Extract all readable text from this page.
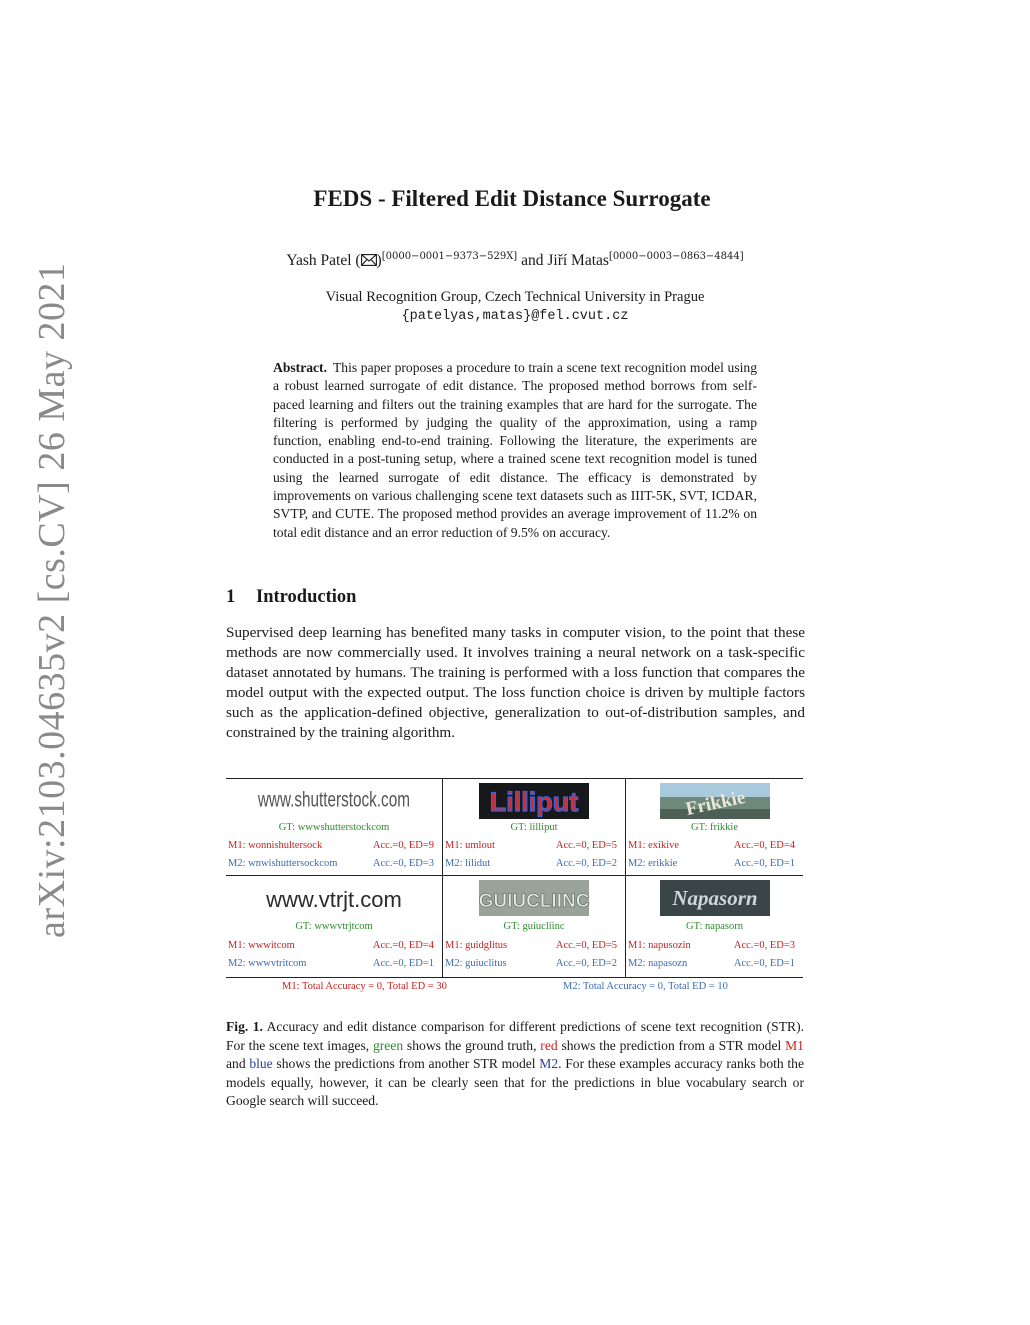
arXiv:2103.04635v2 [cs.CV] 26 May 2021
FEDS - Filtered Edit Distance Surrogate
Yash Patel ( )[0000−0001−9373−529X] and Jiří Matas[0000−0003−0863−4844]
Visual Recognition Group, Czech Technical University in Prague
{patelyas,matas}@fel.cvut.cz
Abstract. This paper proposes a procedure to train a scene text recognition model using a robust learned surrogate of edit distance. The proposed method borrows from self-paced learning and filters out the training examples that are hard for the surrogate. The filtering is performed by judging the quality of the approximation, using a ramp function, enabling end-to-end training. Following the literature, the experiments are conducted in a post-tuning setup, where a trained scene text recognition model is tuned using the learned surrogate of edit distance. The efficacy is demonstrated by improvements on various challenging scene text datasets such as IIIT-5K, SVT, ICDAR, SVTP, and CUTE. The proposed method provides an average improvement of 11.2% on total edit distance and an error reduction of 9.5% on accuracy.
1 Introduction
Supervised deep learning has benefited many tasks in computer vision, to the point that these methods are now commercially used. It involves training a neural network on a task-specific dataset annotated by humans. The training is performed with a loss function that compares the model output with the expected output. The loss function choice is driven by multiple factors such as the application-defined objective, generalization to out-of-distribution samples, and constrained by the training algorithm.
www.shutterstock.com
GT: wwwshutterstockcom
M1: wonnishultersock	Acc.=0, ED=9
M2: wnwishuttersockcom	Acc.=0, ED=3
Lilliput
GT: lilliput
M1: umlout	Acc.=0, ED=5
M2: lilidut	Acc.=0, ED=2
Frikkie
GT: frikkie
M1: exikive	Acc.=0, ED=4
M2: erikkie	Acc.=0, ED=1
www.vtrjt.com
GT: wwwvtrjtcom
M1: wwwitcom	Acc.=0, ED=4
M2: wwwvtritcom	Acc.=0, ED=1
GUIUCLIINC
GT: guiucliinc
M1: guidglitus	Acc.=0, ED=5
M2: guiuclitus	Acc.=0, ED=2
Napasorn
GT: napasorn
M1: napusozin	Acc.=0, ED=3
M2: napasozn	Acc.=0, ED=1
M1: Total Accuracy = 0, Total ED = 30	M2: Total Accuracy = 0, Total ED = 10
Fig. 1. Accuracy and edit distance comparison for different predictions of scene text recognition (STR). For the scene text images, green shows the ground truth, red shows the prediction from a STR model M1 and blue shows the predictions from another STR model M2. For these examples accuracy ranks both the models equally, however, it can be clearly seen that for the predictions in blue vocabulary search or Google search will succeed.
